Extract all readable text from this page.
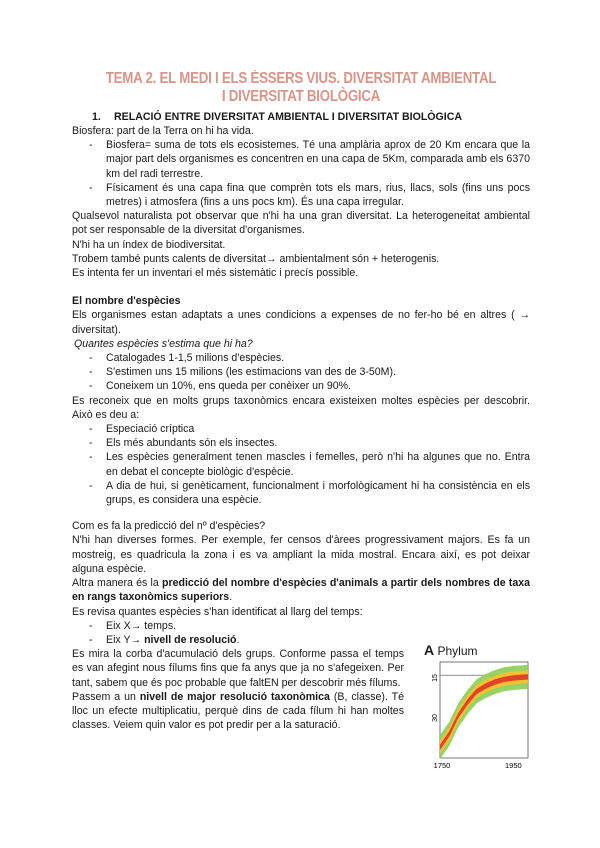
TEMA 2. EL MEDI I ELS ÉSSERS VIUS. DIVERSITAT AMBIENTAL I DIVERSITAT BIOLÒGICA
1. RELACIÓ ENTRE DIVERSITAT AMBIENTAL I DIVERSITAT BIOLÒGICA

Biosfera: part de la Terra on hi ha vida.

- Biosfera= suma de tots els ecosistemes. Té una amplària aprox de 20 Km encara que la major part dels organismes es concentren en una capa de 5Km, comparada amb els 6370 km del radi terrestre.
- Físicament és una capa fina que comprèn tots els mars, rius, llacs, sols (fins uns pocs metres) i atmosfera (fins a uns pocs km). És una capa irregular.

Qualsevol naturalista pot observar que n'hi ha una gran diversitat. La heterogeneitat ambiental pot ser responsable de la diversitat d'organismes.

N'hi ha un índex de biodiversitat.

Trobem també punts calents de diversitat→ ambientalment són + heterogenis.

Es intenta fer un inventari el més sistemàtic i precís possible.

El nombre d'espècies

Els organismes estan adaptats a unes condicions a expenses de no fer-ho bé en altres ( → diversitat).

Quantes espècies s'estima que hi ha?

- Catalogades 1-1,5 milions d'espècies.
- S'estimen uns 15 milions (les estimacions van des de 3-50M).
- Coneixem un 10%, ens queda per conèixer un 90%.

Es reconeix que en molts grups taxonòmics encara existeixen moltes espècies per descobrir. Això es deu a:

- Especiació críptica
- Els més abundants són els insectes.
- Les espècies generalment tenen mascles i femelles, però n'hi ha algunes que no. Entra en debat el concepte biològic d'espècie.
- A dia de hui, si genèticament, funcionalment i morfològicament hi ha consistència en els grups, es considera una espècie.

Com es fa la predicció del nº d'espècies?

N'hi han diverses formes. Per exemple, fer censos d'àrees progressivament majors. Es fa un mostreig, es quadricula la zona i es va ampliant la mida mostral. Encara així, es pot deixar alguna espècie.

Altra manera és la predicció del nombre d'espècies d'animals a partir dels nombres de taxa en rangs taxonòmics superiors.

Es revisa quantes espècies s'han identificat al llarg del temps:

- Eix X→ temps.
- Eix Y→ nivell de resolució.

Es mira la corba d'acumulació dels grups. Conforme passa el temps es van afegint nous fílums fins que fa anys que ja no s'afegeixen. Per tant, sabem que és poc probable que faltEN per descobrir més fílums.

Passem a un nivell de major resolució taxonòmica (B, classe). Té lloc un efecte multiplicatiu, perquè dins de cada fílum hi han moltes classes. Veiem quin valor es pot predir per a la saturació.

A Phylum
30
15
1750	1950
